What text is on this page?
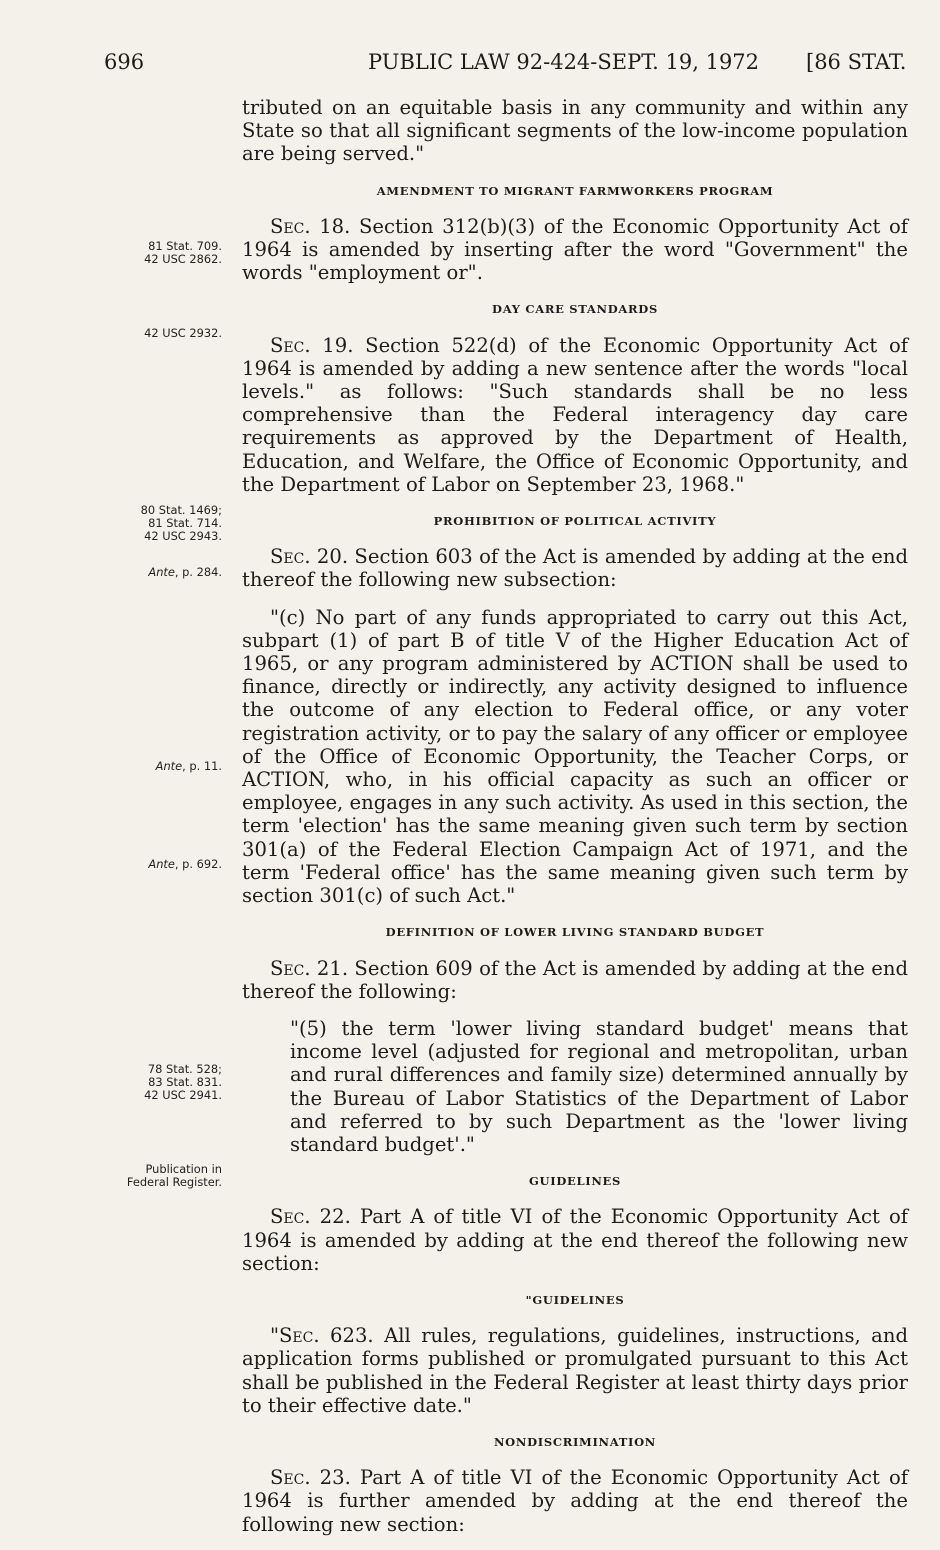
696	PUBLIC LAW 92-424-SEPT. 19, 1972 [86 STAT.
81 Stat. 709.
42 USC 2862.
42 USC 2932.
80 Stat. 1469;
81 Stat. 714.
42 USC 2943.
Ante, p. 284.
Ante, p. 11.
Ante, p. 692.
78 Stat. 528;
83 Stat. 831.
42 USC 2941.
Publication in
Federal Register.

tributed on an equitable basis in any community and within any State so that all significant segments of the low-income population are being served."

AMENDMENT TO MIGRANT FARMWORKERS PROGRAM

Sec. 18. Section 312(b)(3) of the Economic Opportunity Act of 1964 is amended by inserting after the word "Government" the words "employment or".

DAY CARE STANDARDS

Sec. 19. Section 522(d) of the Economic Opportunity Act of 1964 is amended by adding a new sentence after the words "local levels." as follows: "Such standards shall be no less comprehensive than the Federal interagency day care requirements as approved by the Department of Health, Education, and Welfare, the Office of Economic Opportunity, and the Department of Labor on September 23, 1968."

PROHIBITION OF POLITICAL ACTIVITY

Sec. 20. Section 603 of the Act is amended by adding at the end thereof the following new subsection:

"(c) No part of any funds appropriated to carry out this Act, subpart (1) of part B of title V of the Higher Education Act of 1965, or any program administered by ACTION shall be used to finance, directly or indirectly, any activity designed to influence the outcome of any election to Federal office, or any voter registration activity, or to pay the salary of any officer or employee of the Office of Economic Opportunity, the Teacher Corps, or ACTION, who, in his official capacity as such an officer or employee, engages in any such activity. As used in this section, the term 'election' has the same meaning given such term by section 301(a) of the Federal Election Campaign Act of 1971, and the term 'Federal office' has the same meaning given such term by section 301(c) of such Act."

DEFINITION OF LOWER LIVING STANDARD BUDGET

Sec. 21. Section 609 of the Act is amended by adding at the end thereof the following:

"(5) the term 'lower living standard budget' means that income level (adjusted for regional and metropolitan, urban and rural differences and family size) determined annually by the Bureau of Labor Statistics of the Department of Labor and referred to by such Department as the 'lower living standard budget'."

GUIDELINES

Sec. 22. Part A of title VI of the Economic Opportunity Act of 1964 is amended by adding at the end thereof the following new section:

"GUIDELINES

"Sec. 623. All rules, regulations, guidelines, instructions, and application forms published or promulgated pursuant to this Act shall be published in the Federal Register at least thirty days prior to their effective date."

NONDISCRIMINATION

Sec. 23. Part A of title VI of the Economic Opportunity Act of 1964 is further amended by adding at the end thereof the following new section:
